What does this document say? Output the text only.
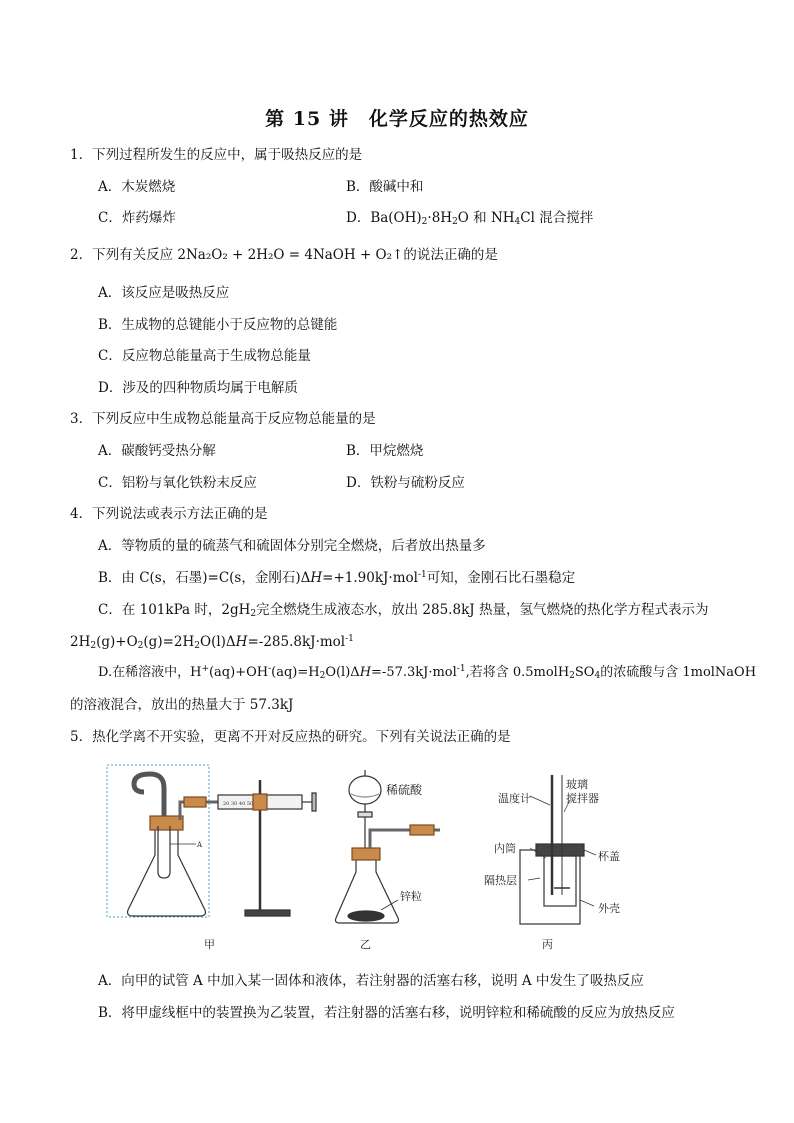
第 15 讲　化学反应的热效应
1．下列过程所发生的反应中，属于吸热反应的是
A．木炭燃烧	B．酸碱中和
C．炸药爆炸	D．$Ba(OH)_2\cdot 8H_2O$ 和 $NH_4Cl$ 混合搅拌
2．下列有关反应 2Na₂O₂ + 2H₂O = 4NaOH + O₂↑的说法正确的是
A．该反应是吸热反应
B．生成物的总键能小于反应物的总键能
C．反应物总能量高于生成物总能量
D．涉及的四种物质均属于电解质
3．下列反应中生成物总能量高于反应物总能量的是
A．碳酸钙受热分解	B．甲烷燃烧
C．铝粉与氧化铁粉末反应	D．铁粉与硫粉反应
4．下列说法或表示方法正确的是
A．等物质的量的硫蒸气和硫固体分别完全燃烧，后者放出热量多
B．由 C(s，石墨)=C(s，金刚石)ΔH=+1.90kJ·mol$^{-1}$可知，金刚石比石墨稳定
C．在 101kPa 时，$2gH_2$完全燃烧生成液态水，放出 285.8kJ 热量，氢气燃烧的热化学方程式表示为
$2H_2(g)+O_2(g)=2H_2O(l)\Delta H=-285.8kJ\cdot mol^{-1}$
D.在稀溶液中，$H^+(aq)+OH^-(aq)=H_2O(l)\Delta H=-57.3kJ\cdot mol^{-1}$,若将含 $0.5molH_2SO_4$的浓硫酸与含 1molNaOH
的溶液混合，放出的热量大于 57.3kJ
5．热化学离不开实验，更离不开对反应热的研究。下列有关说法正确的是
A
20 30 40 50
甲
稀硫酸
锌粒
乙
温度计
玻璃
搅拌器
内筒
杯盖
隔热层
外壳
丙
A．向甲的试管 A 中加入某一固体和液体，若注射器的活塞右移，说明 A 中发生了吸热反应
B．将甲虚线框中的装置换为乙装置，若注射器的活塞右移，说明锌粒和稀硫酸的反应为放热反应
